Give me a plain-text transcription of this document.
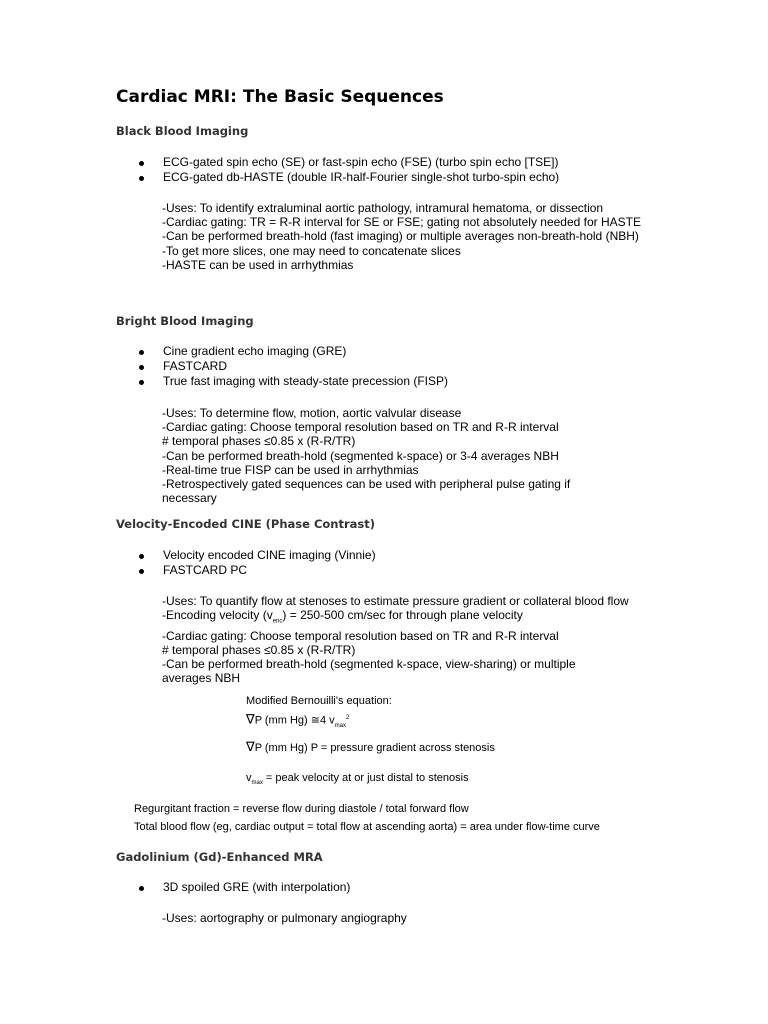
Cardiac MRI: The Basic Sequences
Black Blood Imaging
ECG-gated spin echo (SE) or fast-spin echo (FSE) (turbo spin echo [TSE])
ECG-gated db-HASTE (double IR-half-Fourier single-shot turbo-spin echo)
-Uses: To identify extraluminal aortic pathology, intramural hematoma, or dissection
-Cardiac gating: TR = R-R interval for SE or FSE; gating not absolutely needed for HASTE
-Can be performed breath-hold (fast imaging) or multiple averages non-breath-hold (NBH)
-To get more slices, one may need to concatenate slices
-HASTE can be used in arrhythmias
Bright Blood Imaging
Cine gradient echo imaging (GRE)
FASTCARD
True fast imaging with steady-state precession (FISP)
-Uses: To determine flow, motion, aortic valvular disease
-Cardiac gating: Choose temporal resolution based on TR and R-R interval
# temporal phases ≤0.85 x (R-R/TR)
-Can be performed breath-hold (segmented k-space) or 3-4 averages NBH
-Real-time true FISP can be used in arrhythmias
-Retrospectively gated sequences can be used with peripheral pulse gating if necessary
Velocity-Encoded CINE (Phase Contrast)
Velocity encoded CINE imaging (Vinnie)
FASTCARD PC
-Uses: To quantify flow at stenoses to estimate pressure gradient or collateral blood flow
-Encoding velocity $(v_{enc}) = 250-500$ cm/sec for through plane velocity
-Cardiac gating: Choose temporal resolution based on TR and R-R interval
# temporal phases ≤0.85 x (R-R/TR)
-Can be performed breath-hold (segmented k-space, view-sharing) or multiple averages NBH
Modified Bernouilli's equation:
∇P (mm Hg) ≅4 $v_{max}^2$
∇P (mm Hg) P = pressure gradient across stenosis
$v_{max}$ = peak velocity at or just distal to stenosis
Regurgitant fraction = reverse flow during diastole / total forward flow
Total blood flow (eg, cardiac output = total flow at ascending aorta) = area under flow-time curve
Gadolinium (Gd)-Enhanced MRA
3D spoiled GRE (with interpolation)
-Uses: aortography or pulmonary angiography
